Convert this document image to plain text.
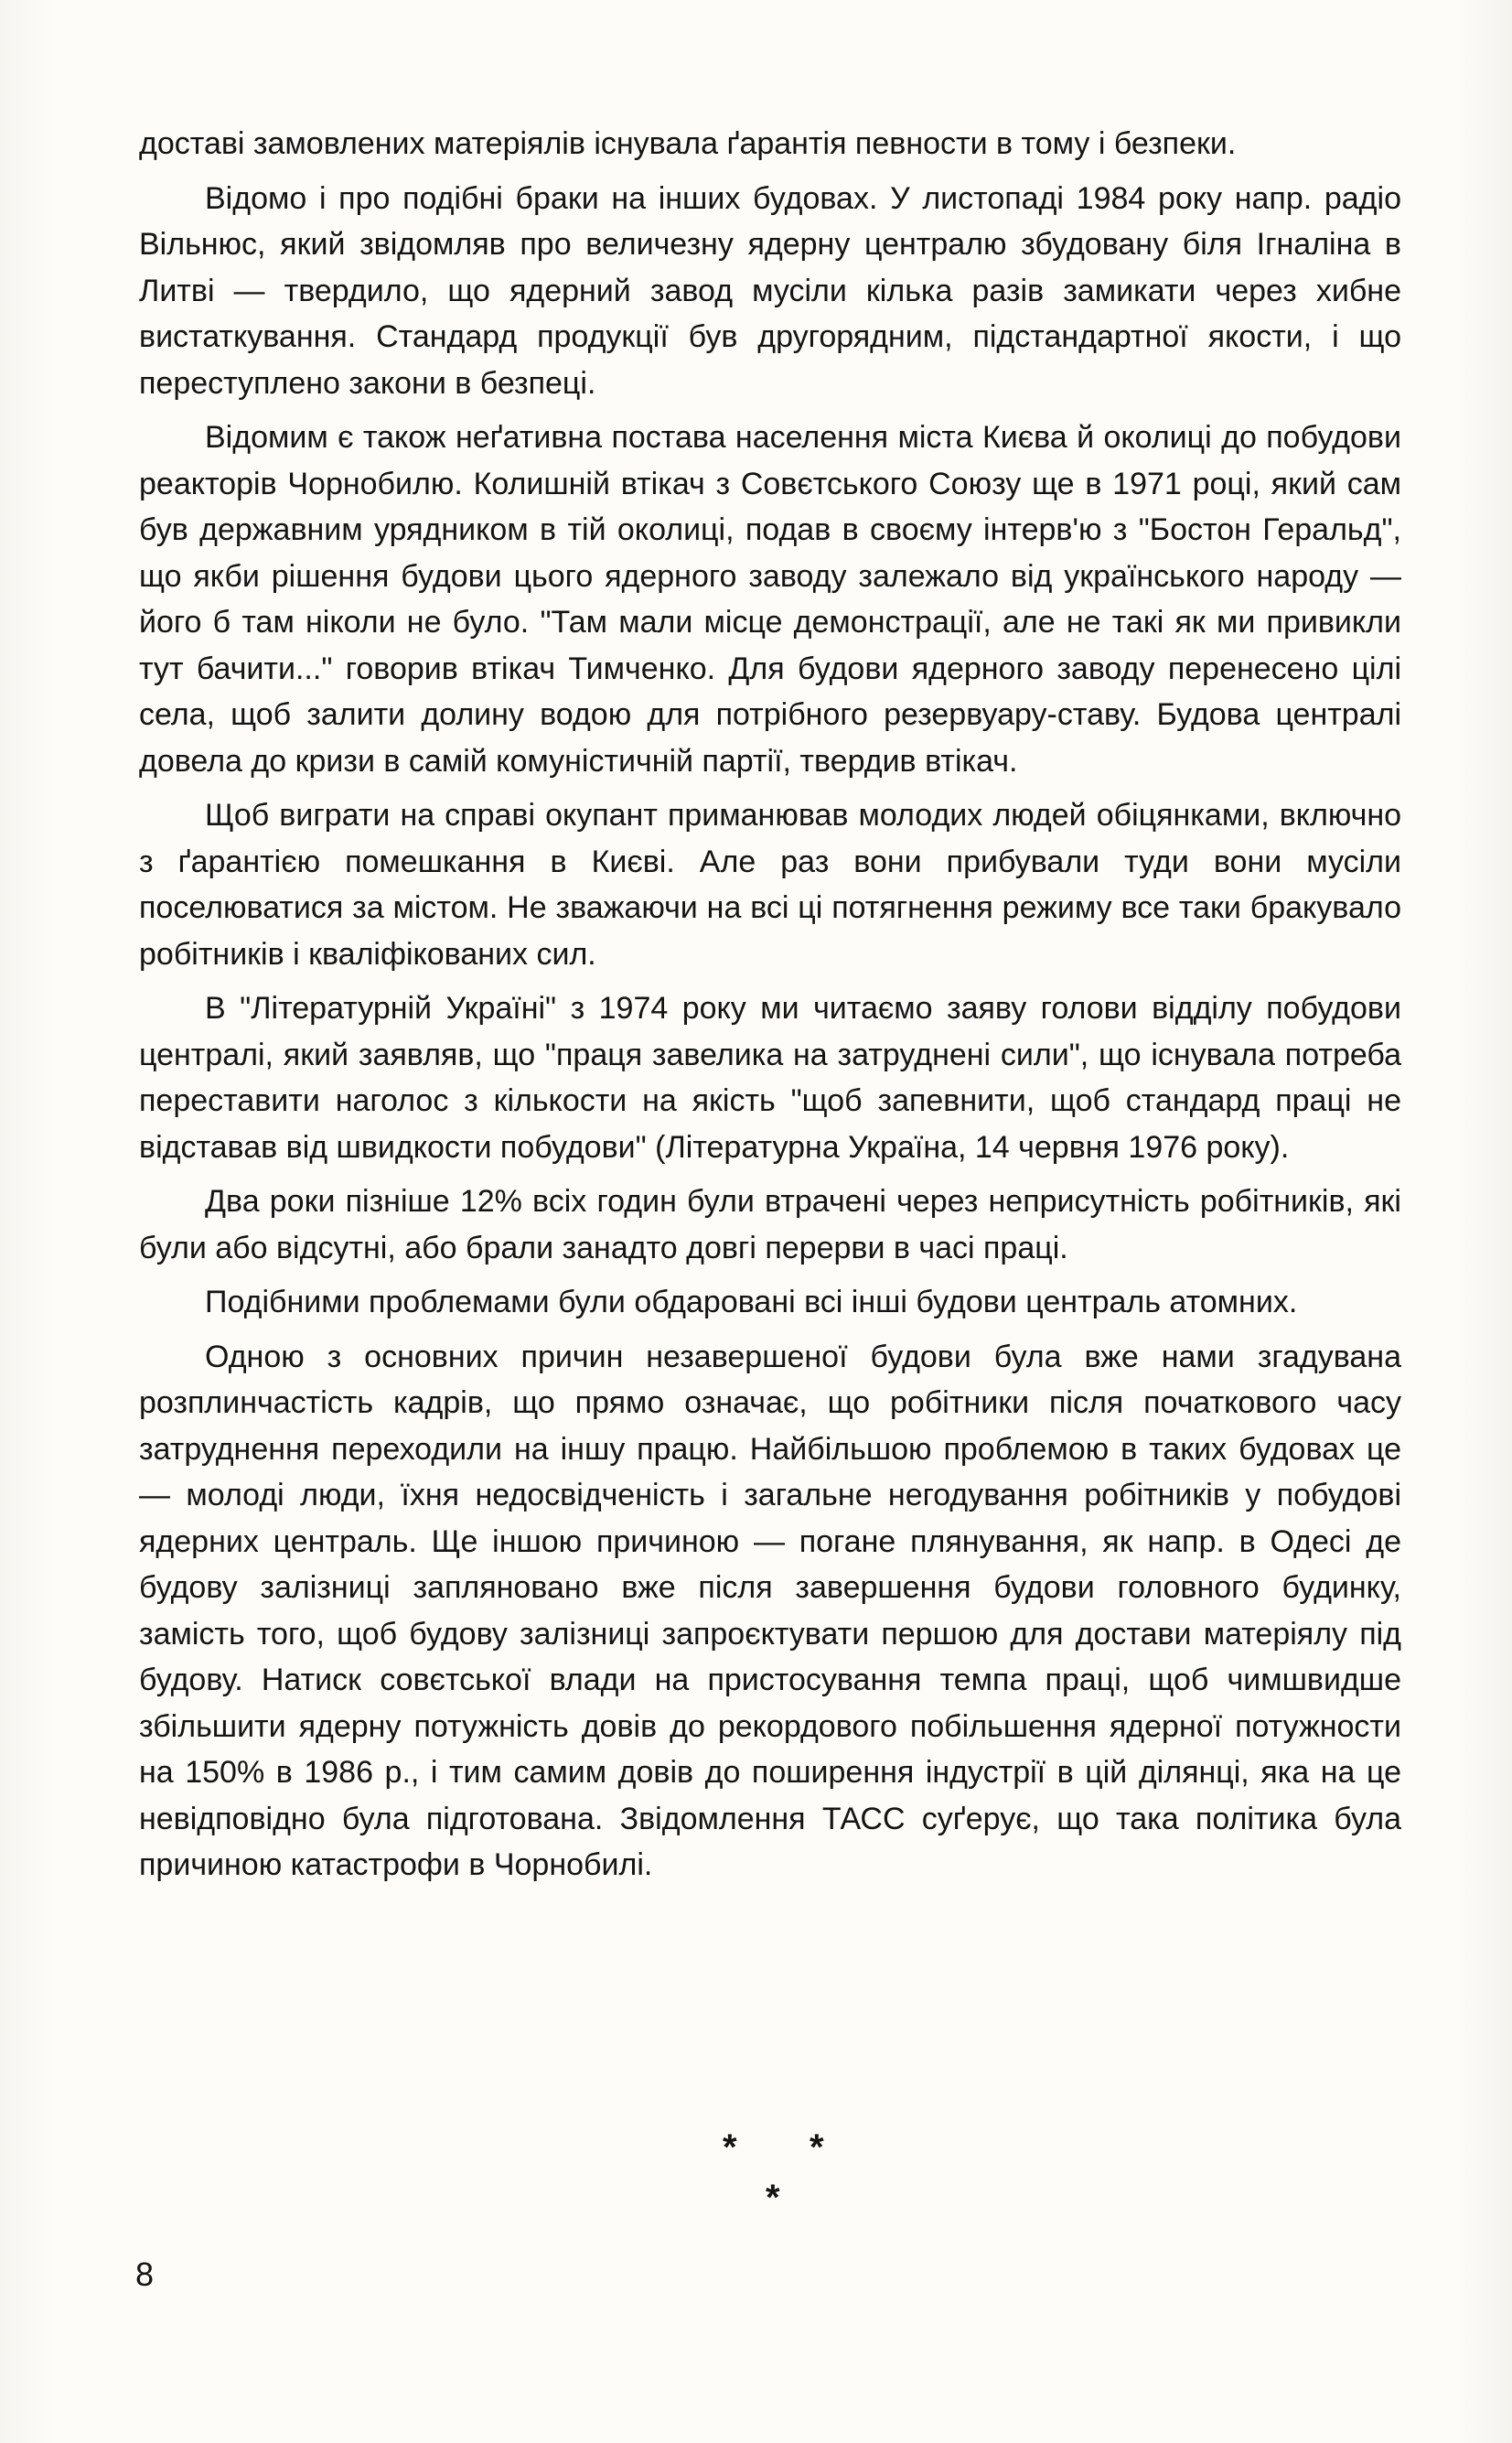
доставі замовлених матеріялів існувала ґарантія певности в тому і безпеки.

Відомо і про подібні браки на інших будовах. У листопаді 1984 року напр. радіо Вільнюс, який звідомляв про величезну ядерну централю збудовану біля Ігналіна в Литві — твердило, що ядерний завод мусіли кілька разів замикати через хибне вистаткування. Стандард продукції був другорядним, підстандартної якости, і що переступлено закони в безпеці.

Відомим є також неґативна постава населення міста Києва й околиці до побудови реакторів Чорнобилю. Колишній втікач з Совєтського Союзу ще в 1971 році, який сам був державним урядником в тій околиці, подав в своєму інтерв'ю з "Бостон Геральд", що якби рішення будови цього ядерного заводу залежало від українського народу — його б там ніколи не було. "Там мали місце демонстрації, але не такі як ми привикли тут бачити..." говорив втікач Тимченко. Для будови ядерного заводу перенесено цілі села, щоб залити долину водою для потрібного резервуару-ставу. Будова централі довела до кризи в самій комуністичній партії, твердив втікач.

Щоб виграти на справі окупант приманював молодих людей обіцянками, включно з ґарантією помешкання в Києві. Але раз вони прибували туди вони мусіли поселюватися за містом. Не зважаючи на всі ці потягнення режиму все таки бракувало робітників і кваліфікованих сил.

В "Літературній Україні" з 1974 року ми читаємо заяву голови відділу побудови централі, який заявляв, що "праця завелика на затруднені сили", що існувала потреба переставити наголос з кількости на якість "щоб запевнити, щоб стандард праці не відставав від швидкости побудови" (Літературна Україна, 14 червня 1976 року).

Два роки пізніше 12% всіх годин були втрачені через неприсутність робітників, які були або відсутні, або брали занадто довгі перерви в часі праці.

Подібними проблемами були обдаровані всі інші будови централь атомних.

Одною з основних причин незавершеної будови була вже нами згадувана розплинчастість кадрів, що прямо означає, що робітники після початкового часу затруднення переходили на іншу працю. Найбільшою проблемою в таких будовах це — молоді люди, їхня недосвідченість і загальне негодування робітників у побудові ядерних централь. Ще іншою причиною — погане плянування, як напр. в Одесі де будову залізниці запляновано вже після завершення будови головного будинку, замість того, щоб будову залізниці запроєктувати першою для достави матеріялу під будову. Натиск совєтської влади на пристосування темпа праці, щоб чимшвидше збільшити ядерну потужність довів до рекордового побільшення ядерної потужности на 150% в 1986 р., і тим самим довів до поширення індустрії в цій ділянці, яка на це невідповідно була підготована. Звідомлення ТАСС суґерує, що така політика була причиною катастрофи в Чорнобилі.

* *
*
8
